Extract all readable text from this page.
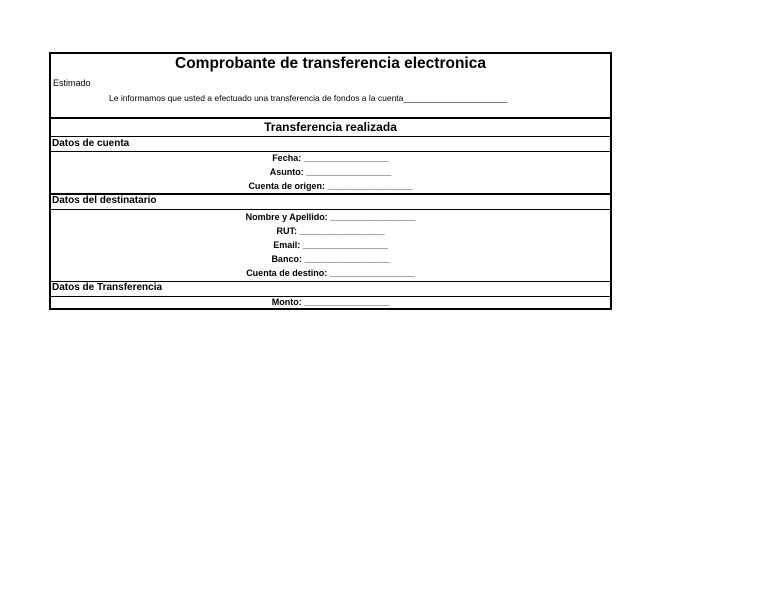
Comprobante de transferencia electronica
Estimado
Le informamos que usted a efectuado una transferencia de fondos a la cuenta______________________
Transferencia realizada
Datos de cuenta
Fecha: _________________
Asunto: _________________
Cuenta de origen: _________________
Datos del destinatario
Nombre y Apellido: _________________
RUT: _________________
Email: _________________
Banco: _________________
Cuenta de destino: _________________
Datos de Transferencia
Monto: _________________
